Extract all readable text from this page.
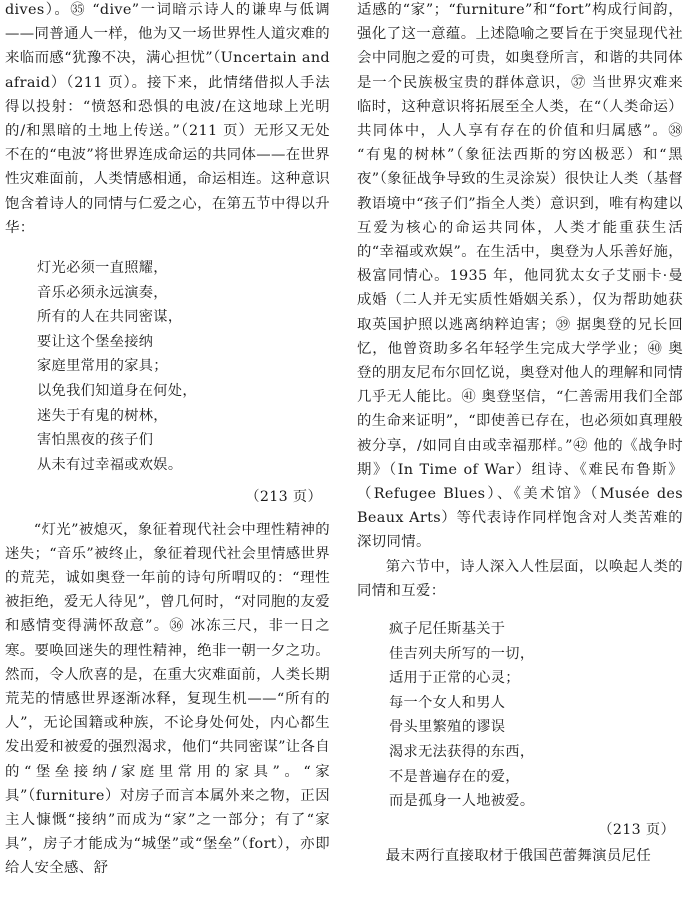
dives）。㉟ “dive”一词暗示诗人的谦卑与低调——同普通人一样，他为又一场世界性人道灾难的来临而感“犹豫不决，满心担忧”（Uncertain and afraid）（211 页）。接下来，此情绪借拟人手法得以投射：“愤怒和恐惧的电波/在这地球上光明的/和黑暗的土地上传送。”（211 页）无形又无处不在的“电波”将世界连成命运的共同体——在世界性灾难面前，人类情感相通，命运相连。这种意识饱含着诗人的同情与仁爱之心，在第五节中得以升华：

灯光必须一直照耀，
音乐必须永远演奏，
所有的人在共同密谋，
要让这个堡垒接纳
家庭里常用的家具；
以免我们知道身在何处，
迷失于有鬼的树林，
害怕黑夜的孩子们
从未有过幸福或欢娱。
（213 页）

“灯光”被熄灭，象征着现代社会中理性精神的迷失；“音乐”被终止，象征着现代社会里情感世界的荒芜，诚如奥登一年前的诗句所喟叹的：“理性被拒绝，爱无人待见”，曾几何时，“对同胞的友爱和感情变得满怀敌意”。㊱ 冰冻三尺，非一日之寒。要唤回迷失的理性精神，绝非一朝一夕之功。然而，令人欣喜的是，在重大灾难面前，人类长期荒芜的情感世界逐渐冰释，复现生机——“所有的人”，无论国籍或种族，不论身处何处，内心都生发出爱和被爱的强烈渴求，他们“共同密谋”让各自的“堡垒接纳/家庭里常用的家具”。“家具”（furniture）对房子而言本属外来之物，正因主人慷慨“接纳”而成为“家”之一部分；有了“家具”，房子才能成为“城堡”或“堡垒”（fort），亦即给人安全感、舒

适感的“家”；“furniture”和“fort”构成行间韵，强化了这一意蕴。上述隐喻之要旨在于突显现代社会中同胞之爱的可贵，如奥登所言，和谐的共同体是一个民族极宝贵的群体意识，㊲ 当世界灾难来临时，这种意识将拓展至全人类，在“（人类命运）共同体中，人人享有存在的价值和归属感”。㊳ “有鬼的树林”（象征法西斯的穷凶极恶）和“黑夜”（象征战争导致的生灵涂炭）很快让人类（基督教语境中“孩子们”指全人类）意识到，唯有构建以互爱为核心的命运共同体，人类才能重获生活的“幸福或欢娱”。在生活中，奥登为人乐善好施，极富同情心。1935 年，他同犹太女子艾丽卡·曼成婚（二人并无实质性婚姻关系），仅为帮助她获取英国护照以逃离纳粹迫害；㊴ 据奥登的兄长回忆，他曾资助多名年轻学生完成大学学业；㊵ 奥登的朋友尼布尔回忆说，奥登对他人的理解和同情几乎无人能比。㊶ 奥登坚信，“仁善需用我们全部的生命来证明”，“即使善已存在，也必须如真理般被分享，/如同自由或幸福那样。”㊷ 他的《战争时期》（In Time of War）组诗、《难民布鲁斯》（Refugee Blues）、《美术馆》（Musée des Beaux Arts）等代表诗作同样饱含对人类苦难的深切同情。

第六节中，诗人深入人性层面，以唤起人类的同情和互爱：

疯子尼任斯基关于
佳吉列夫所写的一切，
适用于正常的心灵；
每一个女人和男人
骨头里繁殖的谬误
渴求无法获得的东西，
不是普遍存在的爱，
而是孤身一人地被爱。
（213 页）

最末两行直接取材于俄国芭蕾舞演员尼任
